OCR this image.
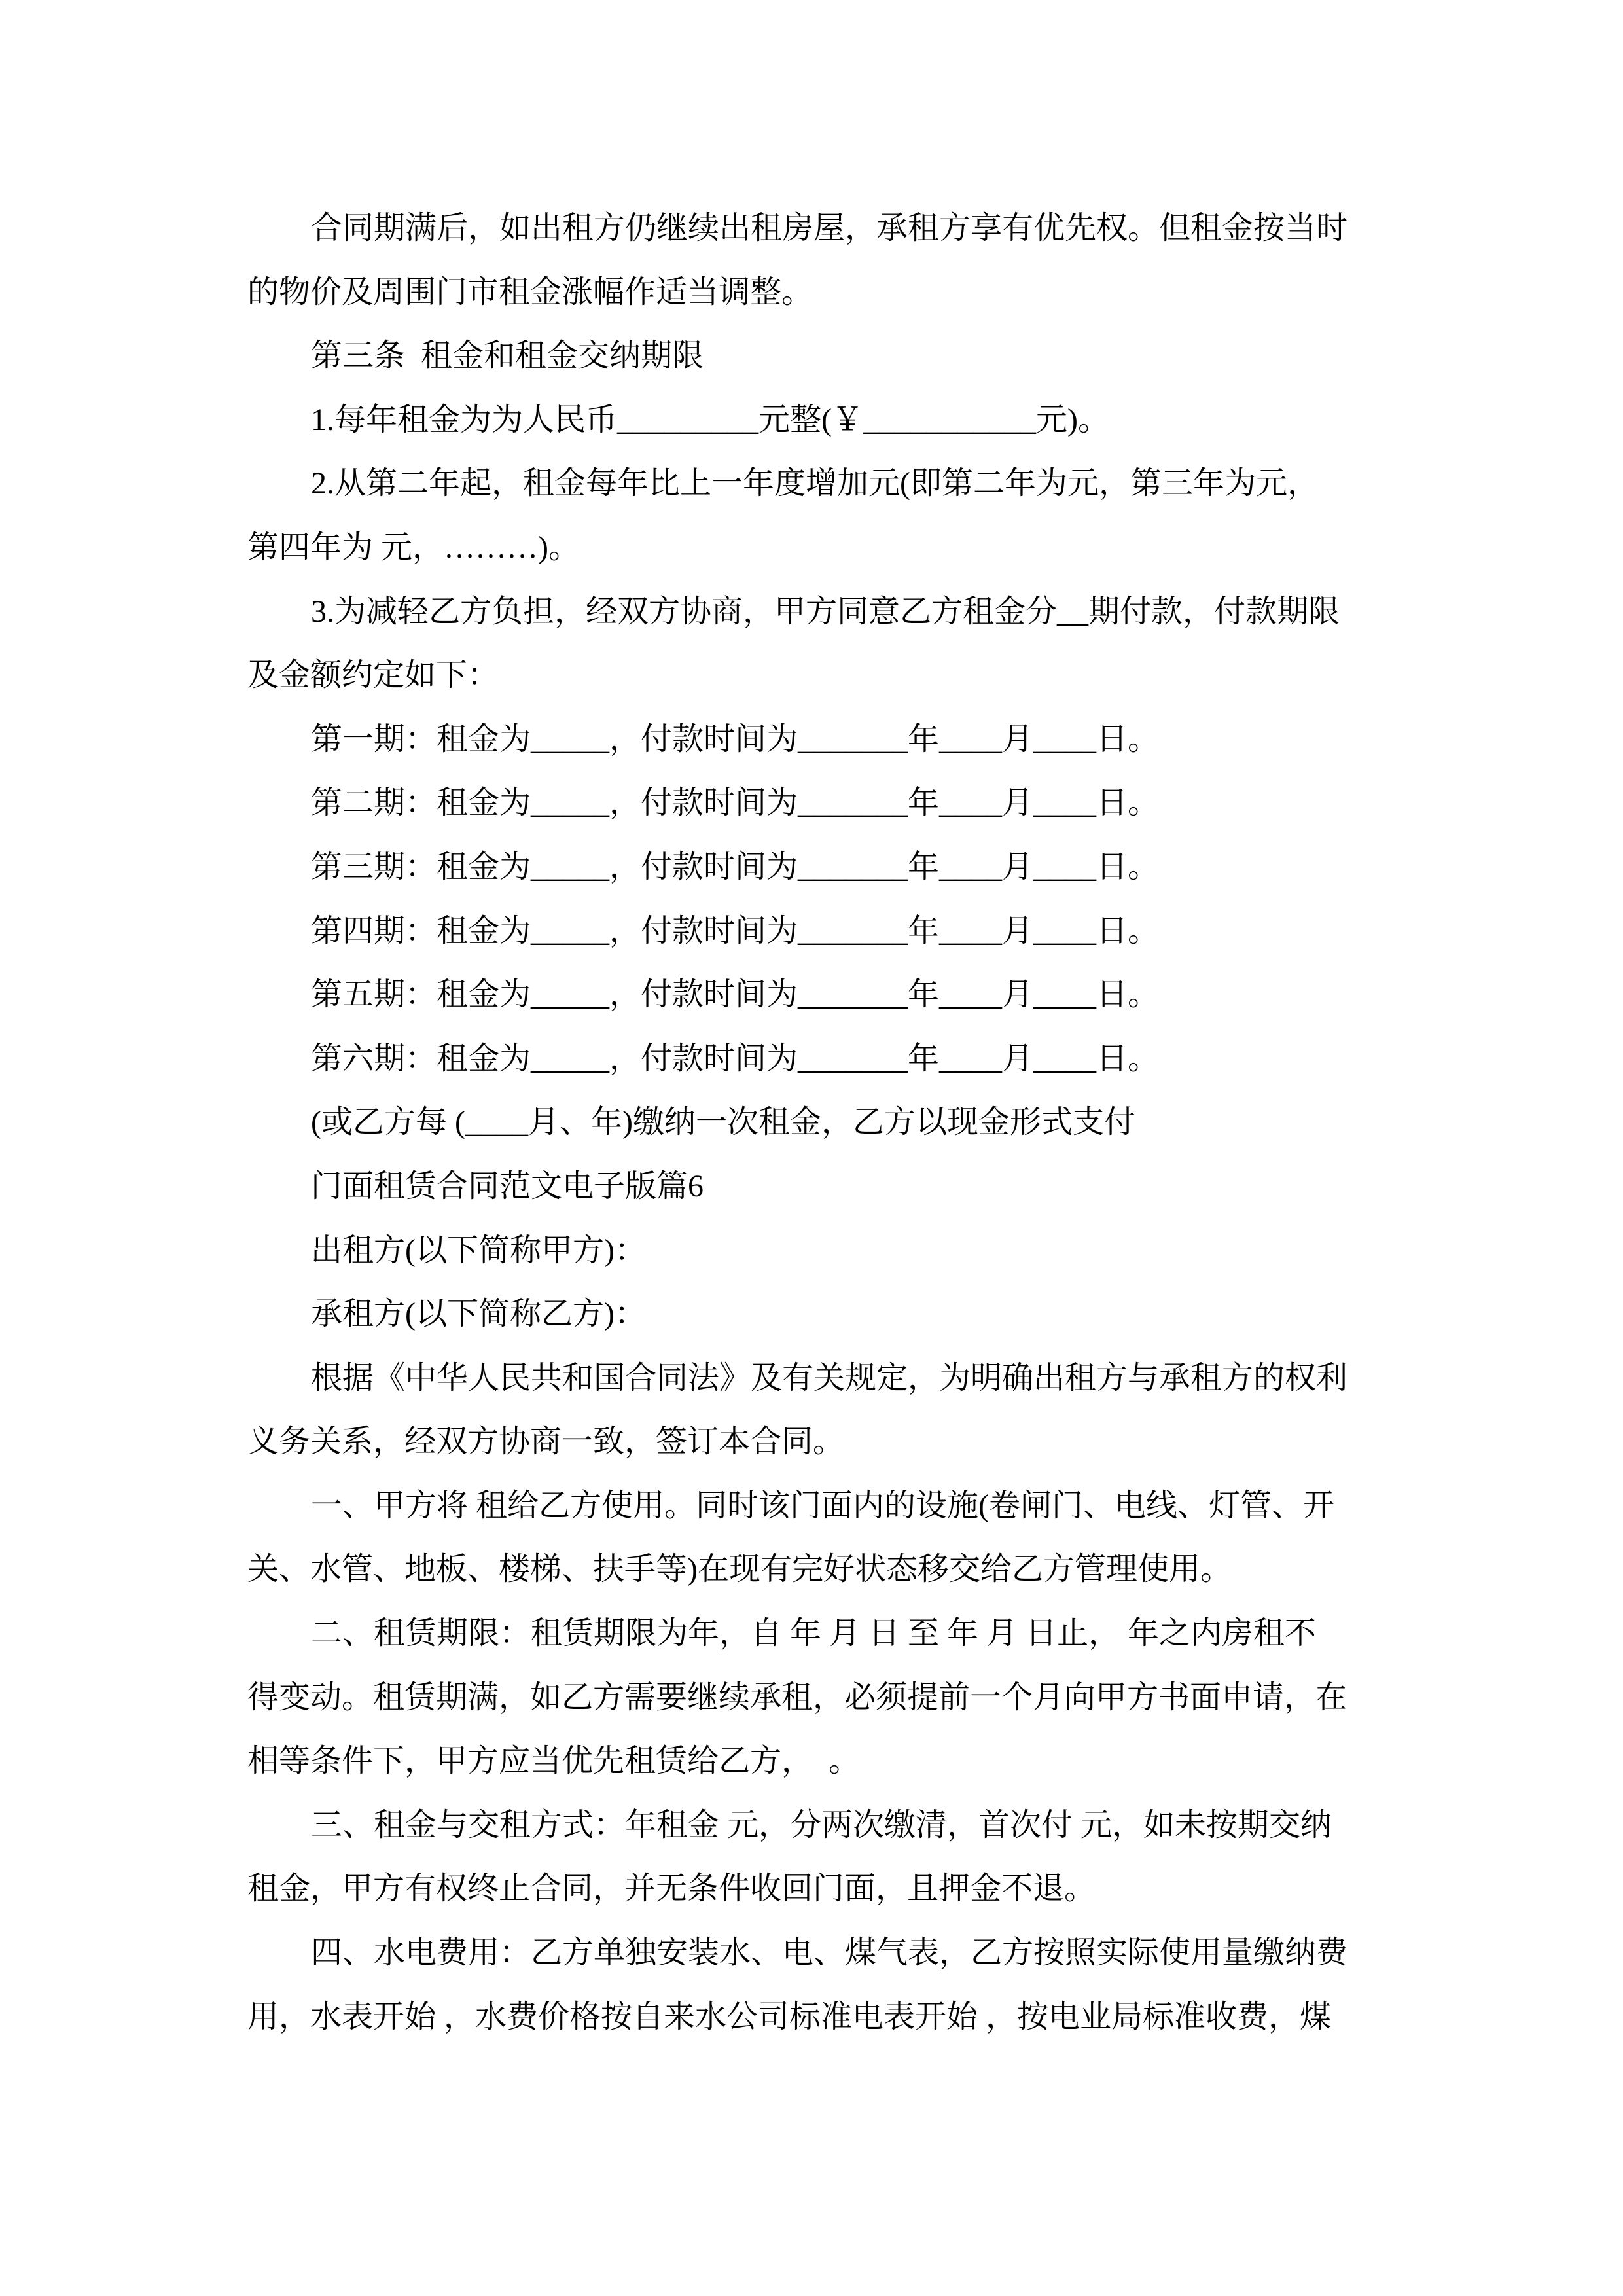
合同期满后，如出租方仍继续出租房屋，承租方享有优先权。但租金按当时
的物价及周围门市租金涨幅作适当调整。
第三条  租金和租金交纳期限
1.每年租金为为人民币_________元整(￥___________元)。
2.从第二年起，租金每年比上一年度增加元(即第二年为元，第三年为元，
第四年为 元，………)。
3.为减轻乙方负担，经双方协商，甲方同意乙方租金分__期付款，付款期限
及金额约定如下：
第一期：租金为_____，付款时间为_______年____月____日。
第二期：租金为_____，付款时间为_______年____月____日。
第三期：租金为_____，付款时间为_______年____月____日。
第四期：租金为_____，付款时间为_______年____月____日。
第五期：租金为_____，付款时间为_______年____月____日。
第六期：租金为_____，付款时间为_______年____月____日。
(或乙方每 (____月、年)缴纳一次租金，乙方以现金形式支付
门面租赁合同范文电子版篇6
出租方(以下简称甲方)：
承租方(以下简称乙方)：
根据《中华人民共和国合同法》及有关规定，为明确出租方与承租方的权利
义务关系，经双方协商一致，签订本合同。
一、甲方将 租给乙方使用。同时该门面内的设施(卷闸门、电线、灯管、开
关、水管、地板、楼梯、扶手等)在现有完好状态移交给乙方管理使用。
二、租赁期限：租赁期限为年，自 年 月 日 至 年 月 日止， 年之内房租不
得变动。租赁期满，如乙方需要继续承租，必须提前一个月向甲方书面申请，在
相等条件下，甲方应当优先租赁给乙方，  。
三、租金与交租方式：年租金 元，分两次缴清，首次付 元，如未按期交纳
租金，甲方有权终止合同，并无条件收回门面，且押金不退。
四、水电费用：乙方单独安装水、电、煤气表，乙方按照实际使用量缴纳费
用，水表开始 ，水费价格按自来水公司标准电表开始 ，按电业局标准收费，煤
